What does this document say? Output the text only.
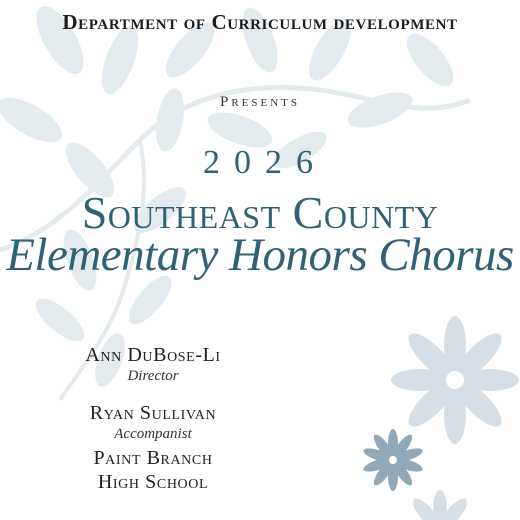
Department of Curriculum development
Presents
2026
Southeast County
Elementary Honors Chorus
Ann DuBose-Li
Director
Ryan Sullivan
Accompanist
Paint Branch
High School
